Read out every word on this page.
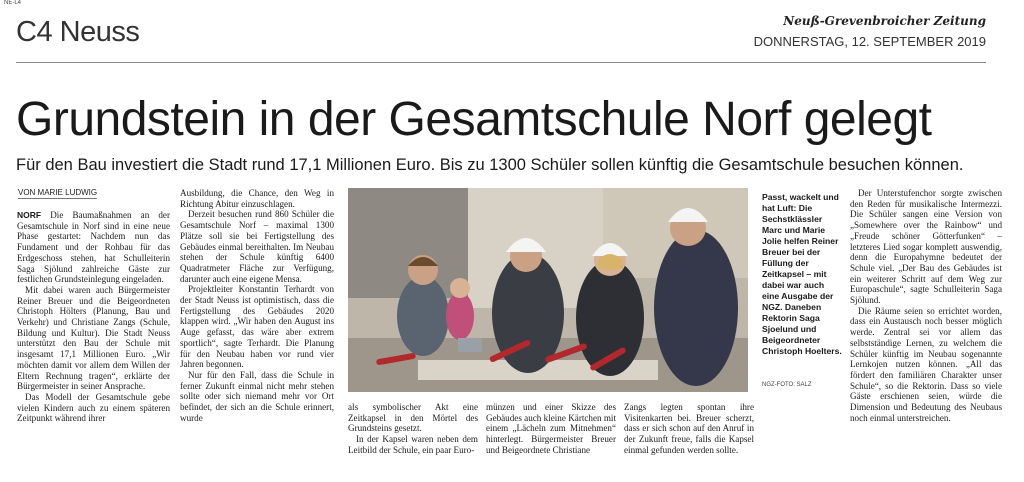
NE-L4
C4 Neuss	Neuß-Grevenbroicher Zeitung
DONNERSTAG, 12. SEPTEMBER 2019
Grundstein in der Gesamtschule Norf gelegt
Für den Bau investiert die Stadt rund 17,1 Millionen Euro. Bis zu 1300 Schüler sollen künftig die Gesamtschule besuchen können.
VON MARIE LUDWIG

NORF Die Baumaßnahmen an der Gesamtschule in Norf sind in eine neue Phase gestartet: Nachdem nun das Fundament und der Rohbau für das Erdgeschoss stehen, hat Schulleiterin Saga Sjölund zahlreiche Gäste zur festlichen Grundsteinlegung eingeladen.

Mit dabei waren auch Bürgermeister Reiner Breuer und die Beigeordneten Christoph Hölters (Planung, Bau und Verkehr) und Christiane Zangs (Schule, Bildung und Kultur). Die Stadt Neuss unterstützt den Bau der Schule mit insgesamt 17,1 Millionen Euro. „Wir möchten damit vor allem dem Willen der Eltern Rechnung tragen“, erklärte der Bürgermeister in seiner Ansprache.

Das Modell der Gesamtschule gebe vielen Kindern auch zu einem späteren Zeitpunkt während ihrer

Ausbildung, die Chance, den Weg in Richtung Abitur einzuschlagen.

Derzeit besuchen rund 860 Schüler die Gesamtschule Norf – maximal 1300 Plätze soll sie bei Fertigstellung des Gebäudes einmal bereithalten. Im Neubau stehen der Schule künftig 6400 Quadratmeter Fläche zur Verfügung, darunter auch eine eigene Mensa.

Projektleiter Konstantin Terhardt von der Stadt Neuss ist optimistisch, dass die Fertigstellung des Gebäudes 2020 klappen wird. „Wir haben den August ins Auge gefasst, das wäre aber extrem sportlich“, sagte Terhardt. Die Planung für den Neubau haben vor rund vier Jahren begonnen.

Nur für den Fall, dass die Schule in ferner Zukunft einmal nicht mehr stehen sollte oder sich niemand mehr vor Ort befindet, der sich an die Schule erinnert, wurde

Passt, wackelt und hat Luft: Die Sechstklässler Marc und Marie Jolie helfen Reiner Breuer bei der Füllung der Zeitkapsel – mit dabei war auch eine Ausgabe der NGZ. Daneben Rektorin Saga Sjoelund und Beigeordneter Christoph Hoelters.
NGZ-FOTO: SALZ

als symbolischer Akt eine Zeitkapsel in den Mörtel des Grundsteins gesetzt.

In der Kapsel waren neben dem Leitbild der Schule, ein paar Euro-

münzen und einer Skizze des Gebäudes auch kleine Kärtchen mit einem „Lächeln zum Mitnehmen“ hinterlegt. Bürgermeister Breuer und Beigeordnete Christiane

Zangs legten spontan ihre Visitenkarten bei. Breuer scherzt, dass er sich schon auf den Anruf in der Zukunft freue, falls die Kapsel einmal gefunden werden sollte.

Der Unterstufenchor sorgte zwischen den Reden für musikalische Intermezzi. Die Schüler sangen eine Version von „Somewhere over the Rainbow“ und „Freude schöner Götterfunken“ – letzteres Lied sogar komplett auswendig, denn die Europahymne bedeutet der Schule viel. „Der Bau des Gebäudes ist ein weiterer Schritt auf dem Weg zur Europaschule“, sagte Schulleiterin Saga Sjölund.

Die Räume seien so errichtet worden, dass ein Austausch noch besser möglich werde. Zentral sei vor allem das selbstständige Lernen, zu welchem die Schüler künftig im Neubau sogenannte Lernkojen nutzen können. „All das fördert den familiären Charakter unser Schule“, so die Rektorin. Dass so viele Gäste erschienen seien, würde die Dimension und Bedeutung des Neubaus noch einmal unterstreichen.
